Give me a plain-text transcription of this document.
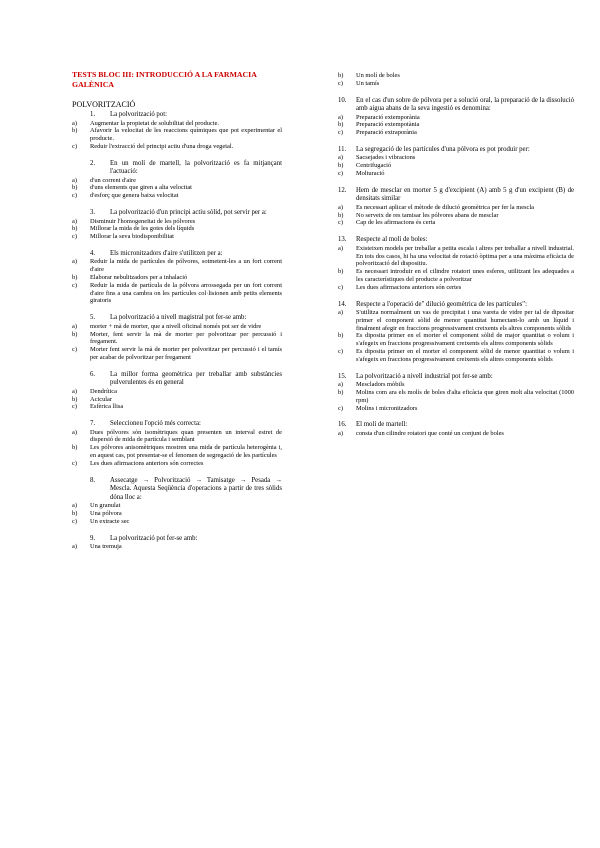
TESTS BLOC III: INTRODUCCIÓ A LA FARMACIA GALÈNICA
POLVORITZACIÓ
1.	La polvorització pot:
a)	Augmentar la propietat de solubilitat del producte.
b)	Afavorir la velocitat de les reaccions químiques que pot experimentar el producte.
c)	Reduir l'extracció del principi actiu d'una droga vegetal.
2.	En un molí de martell, la polvorització es fa mitjançant l'actuació:
a)	d'un corrent d'aire
b)	d'uns elements que giren a alta velocitat
c)	d'esforç que genera baixa velocitat
3.	La polvorització d'un principi actiu sòlid, pot servir per a:
a)	Disminuir l'homogeneïtat de les pólvores
b)	Millorar la mida de les gotes dels líquids
c)	Millorar la seva biodisponibilitat
4.	Els micronitzadors d'aire s'utilitzen per a:
a)	Reduir la mida de partícules de pólvores, sotmetent-les a un fort corrent d'aire
b)	Elaborar nebulitzadors per a inhalació
c)	Reduir la mida de partícula de la pólvora arrossegada per un fort corrent d'aire fins a una cambra on les partícules col·lisionen amb petits elements giratoris
5.	La polvorització a nivell magistral pot fer-se amb:
a)	morter + mà de morter, que a nivell oficinal només pot ser de vidre
b)	Morter, fent servir la mà de morter per polvoritzar per percussió i fregament.
c)	Morter fent servir la mà de morter per polvoritzar per percussió i el tamís per acabar de polvoritzar per fregament
6.	La millor forma geomètrica per treballar amb substàncies pulverulentes és en general
a)	Dendrítica
b)	Acicular
c)	Esfèrica llisa
7.	Seleccioneu l'opció més correcta:
a)	Dues pólvores són isomètriques quan presenten un interval estret de dispersió de mida de partícula i semblant
b)	Les pólvores anisomètriques mostren una mida de partícula heterogènia i, en aquest cas, pot presentar-se el fenomen de segregació de les partícules
c)	Les dues afirmacions anteriors són correctes
8.	Assecatge → Polvorització → Tamisatge → Pesada → Mescla. Aquesta Seqüència d'operacions a partir de tres sòlids dóna lloc a:
a)	Un granulat
b)	Una pólvora
c)	Un extracte sec
9.	La polvorització pot fer-se amb:
a)	Una tremuja
b)	Un molí de boles
c)	Un tamís
10.	En el cas d'un sobre de pólvora per a solució oral, la preparació de la dissolució amb aigua abans de la seva ingestió es denomina:
a)	Preparació extemporània
b)	Preparació extempotània
c)	Preparació extraporània
11.	La segregació de les partícules d'una pólvora es pot produir per:
a)	Sacsejades i vibracions
b)	Centrifugació
c)	Molturació
12.	Hem de mesclar en morter 5 g d'excipient (A) amb 5 g d'un excipient (B) de densitats similar
a)	Es necessari aplicar el mètode de dilució geomètrica per fer la mescla
b)	No serveix de res tamisar les pólvores abans de mesclar
c)	Cap de les afirmacions és certa
13.	Respecte al molí de boles:
a)	Existeixen models per treballar a petita escala i altres per treballar a nivell industrial. En tots dos casos, hi ha una velocitat de rotació òptima per a una màxima eficàcia de polvorització del dispositiu.
b)	Es necessari introduir en el cilindre rotatori unes esferes, utilitzant les adequades a les característiques del producte a polvoritzar
c)	Les dues afirmacions anteriors són certes
14.	Respecte a l'operació de" dilució geomètrica de les partícules":
a)	S'utilitza normalment un vas de precipitat i una vareta de vidre per tal de dipositar primer el component sòlid de menor quantitat humectant-lo amb un líquid i finalment afegir en fraccions progressivament creixents els altres components sòlids
b)	Es diposita primer en el morter el component sòlid de major quantitat o volum i s'afegeix en fraccions progressivament creixents els altres components sòlids
c)	Es diposita primer en el morter el component sòlid de menor quantitat o volum i s'afegeix en fraccions progressivament creixents els altres components sòlids
15.	La polvorització a nivell industrial pot fer-se amb:
a)	Mescladors mòbils
b)	Molins com ara els molís de boles d'alta eficàcia que giren molt alta velocitat (1000 rpm)
c)	Molins i micronitzadors
16.	El molí de martell:
a)	consta d'un cilindre rotatori que conté un conjunt de boles
